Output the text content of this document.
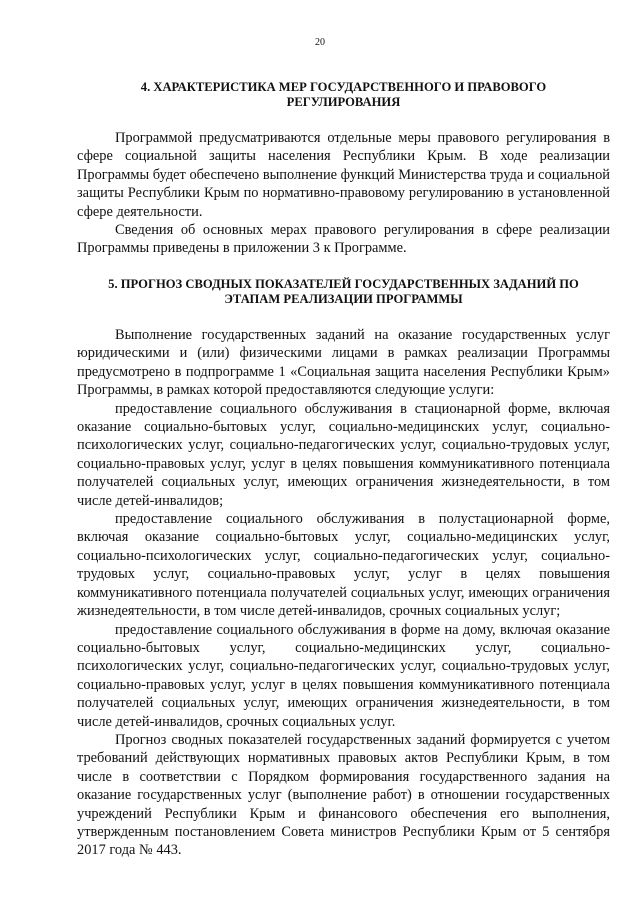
20
4. ХАРАКТЕРИСТИКА МЕР ГОСУДАРСТВЕННОГО И ПРАВОВОГО
РЕГУЛИРОВАНИЯ

Программой предусматриваются отдельные меры правового регулирования в сфере социальной защиты населения Республики Крым. В ходе реализации Программы будет обеспечено выполнение функций Министерства труда и социальной защиты Республики Крым по нормативно-правовому регулированию в установленной сфере деятельности.

Сведения об основных мерах правового регулирования в сфере реализации Программы приведены в приложении 3 к Программе.

5. ПРОГНОЗ СВОДНЫХ ПОКАЗАТЕЛЕЙ ГОСУДАРСТВЕННЫХ ЗАДАНИЙ ПО
ЭТАПАМ РЕАЛИЗАЦИИ ПРОГРАММЫ

Выполнение государственных заданий на оказание государственных услуг юридическими и (или) физическими лицами в рамках реализации Программы предусмотрено в подпрограмме 1 «Социальная защита населения Республики Крым» Программы, в рамках которой предоставляются следующие услуги:

предоставление социального обслуживания в стационарной форме, включая оказание социально-бытовых услуг, социально-медицинских услуг, социально-психологических услуг, социально-педагогических услуг, социально-трудовых услуг, социально-правовых услуг, услуг в целях повышения коммуникативного потенциала получателей социальных услуг, имеющих ограничения жизнедеятельности, в том числе детей-инвалидов;

предоставление социального обслуживания в полустационарной форме, включая оказание социально-бытовых услуг, социально-медицинских услуг, социально-психологических услуг, социально-педагогических услуг, социально-трудовых услуг, социально-правовых услуг, услуг в целях повышения коммуникативного потенциала получателей социальных услуг, имеющих ограничения жизнедеятельности, в том числе детей-инвалидов, срочных социальных услуг;

предоставление социального обслуживания в форме на дому, включая оказание социально-бытовых услуг, социально-медицинских услуг, социально-психологических услуг, социально-педагогических услуг, социально-трудовых услуг, социально-правовых услуг, услуг в целях повышения коммуникативного потенциала получателей социальных услуг, имеющих ограничения жизнедеятельности, в том числе детей-инвалидов, срочных социальных услуг.

Прогноз сводных показателей государственных заданий формируется с учетом требований действующих нормативных правовых актов Республики Крым, в том числе в соответствии с Порядком формирования государственного задания на оказание государственных услуг (выполнение работ) в отношении государственных учреждений Республики Крым и финансового обеспечения его выполнения, утвержденным постановлением Совета министров Республики Крым от 5 сентября 2017 года № 443.
